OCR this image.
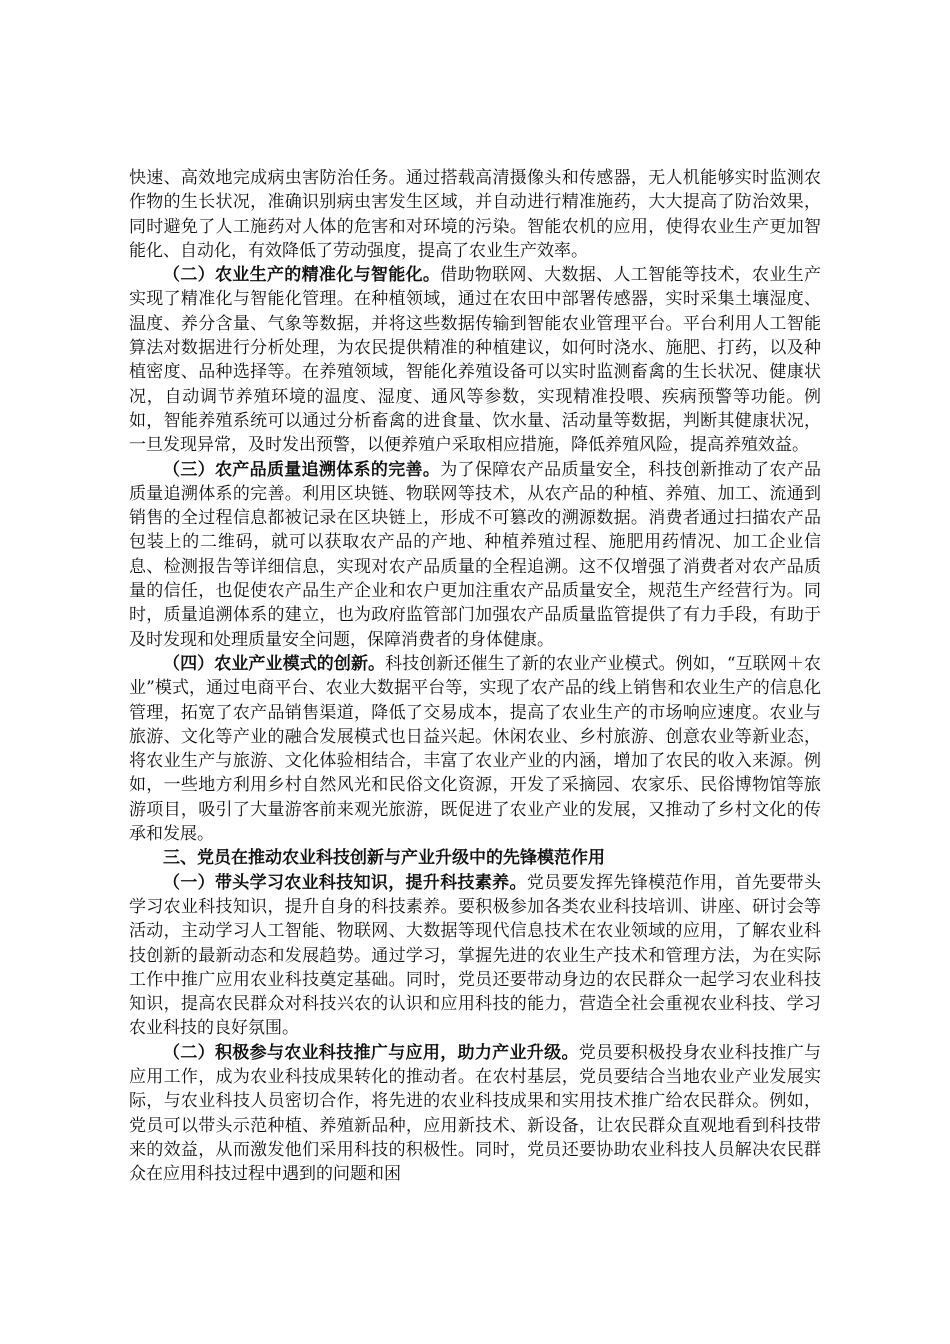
快速、高效地完成病虫害防治任务。通过搭载高清摄像头和传感器，无人机能够实时监测农作物的生长状况，准确识别病虫害发生区域，并自动进行精准施药，大大提高了防治效果，同时避免了人工施药对人体的危害和对环境的污染。智能农机的应用，使得农业生产更加智能化、自动化，有效降低了劳动强度，提高了农业生产效率。

（二）农业生产的精准化与智能化。借助物联网、大数据、人工智能等技术，农业生产实现了精准化与智能化管理。在种植领域，通过在农田中部署传感器，实时采集土壤湿度、温度、养分含量、气象等数据，并将这些数据传输到智能农业管理平台。平台利用人工智能算法对数据进行分析处理，为农民提供精准的种植建议，如何时浇水、施肥、打药，以及种植密度、品种选择等。在养殖领域，智能化养殖设备可以实时监测畜禽的生长状况、健康状况，自动调节养殖环境的温度、湿度、通风等参数，实现精准投喂、疾病预警等功能。例如，智能养殖系统可以通过分析畜禽的进食量、饮水量、活动量等数据，判断其健康状况，一旦发现异常，及时发出预警，以便养殖户采取相应措施，降低养殖风险，提高养殖效益。

（三）农产品质量追溯体系的完善。为了保障农产品质量安全，科技创新推动了农产品质量追溯体系的完善。利用区块链、物联网等技术，从农产品的种植、养殖、加工、流通到销售的全过程信息都被记录在区块链上，形成不可篡改的溯源数据。消费者通过扫描农产品包装上的二维码，就可以获取农产品的产地、种植养殖过程、施肥用药情况、加工企业信息、检测报告等详细信息，实现对农产品质量的全程追溯。这不仅增强了消费者对农产品质量的信任，也促使农产品生产企业和农户更加注重农产品质量安全，规范生产经营行为。同时，质量追溯体系的建立，也为政府监管部门加强农产品质量监管提供了有力手段，有助于及时发现和处理质量安全问题，保障消费者的身体健康。

（四）农业产业模式的创新。科技创新还催生了新的农业产业模式。例如，“互联网＋农业”模式，通过电商平台、农业大数据平台等，实现了农产品的线上销售和农业生产的信息化管理，拓宽了农产品销售渠道，降低了交易成本，提高了农业生产的市场响应速度。农业与旅游、文化等产业的融合发展模式也日益兴起。休闲农业、乡村旅游、创意农业等新业态，将农业生产与旅游、文化体验相结合，丰富了农业产业的内涵，增加了农民的收入来源。例如，一些地方利用乡村自然风光和民俗文化资源，开发了采摘园、农家乐、民俗博物馆等旅游项目，吸引了大量游客前来观光旅游，既促进了农业产业的发展，又推动了乡村文化的传承和发展。

三、党员在推动农业科技创新与产业升级中的先锋模范作用

（一）带头学习农业科技知识，提升科技素养。党员要发挥先锋模范作用，首先要带头学习农业科技知识，提升自身的科技素养。要积极参加各类农业科技培训、讲座、研讨会等活动，主动学习人工智能、物联网、大数据等现代信息技术在农业领域的应用，了解农业科技创新的最新动态和发展趋势。通过学习，掌握先进的农业生产技术和管理方法，为在实际工作中推广应用农业科技奠定基础。同时，党员还要带动身边的农民群众一起学习农业科技知识，提高农民群众对科技兴农的认识和应用科技的能力，营造全社会重视农业科技、学习农业科技的良好氛围。

（二）积极参与农业科技推广与应用，助力产业升级。党员要积极投身农业科技推广与应用工作，成为农业科技成果转化的推动者。在农村基层，党员要结合当地农业产业发展实际，与农业科技人员密切合作，将先进的农业科技成果和实用技术推广给农民群众。例如，党员可以带头示范种植、养殖新品种，应用新技术、新设备，让农民群众直观地看到科技带来的效益，从而激发他们采用科技的积极性。同时，党员还要协助农业科技人员解决农民群众在应用科技过程中遇到的问题和困
